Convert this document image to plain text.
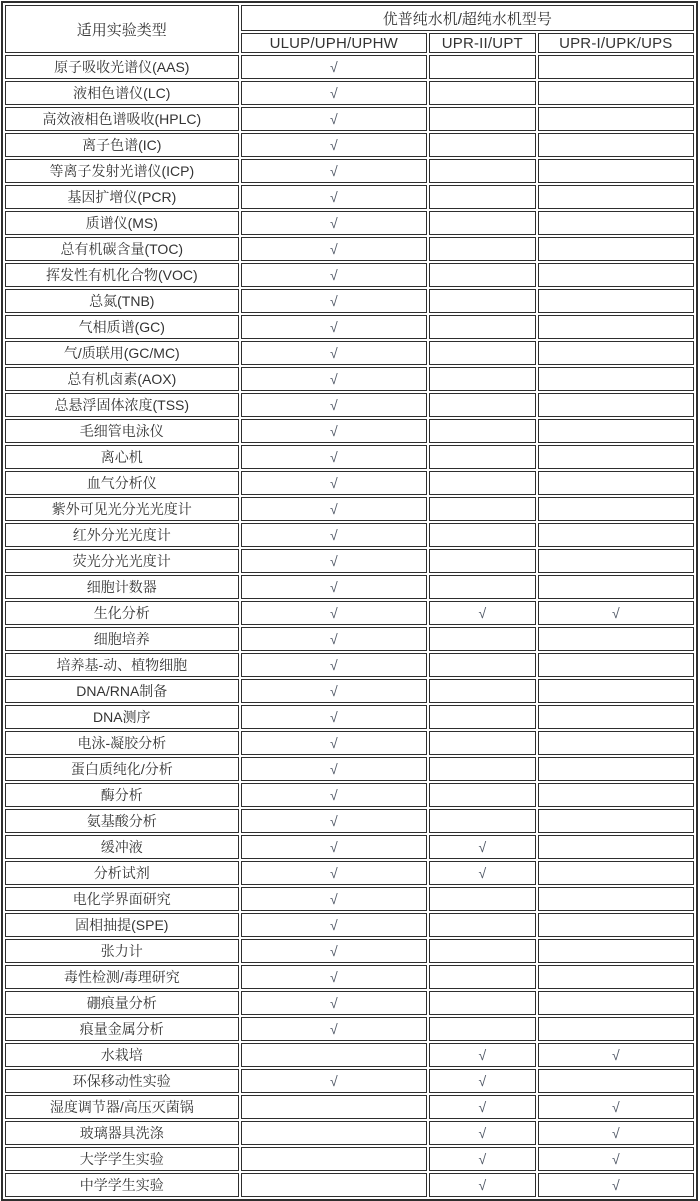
适用实验类型	优普纯水机/超纯水机型号		
	ULUP/UPH/UPHW	UPR-II/UPT	UPR-I/UPK/UPS
原子吸收光谱仪(AAS)	√		
液相色谱仪(LC)	√		
高效液相色谱吸收(HPLC)	√		
离子色谱(IC)	√		
等离子发射光谱仪(ICP)	√		
基因扩增仪(PCR)	√		
质谱仪(MS)	√		
总有机碳含量(TOC)	√		
挥发性有机化合物(VOC)	√		
总氮(TNB)	√		
气相质谱(GC)	√		
气/质联用(GC/MC)	√		
总有机卤素(AOX)	√		
总悬浮固体浓度(TSS)	√		
毛细管电泳仪	√		
离心机	√		
血气分析仪	√		
紫外可见光分光光度计	√		
红外分光光度计	√		
荧光分光光度计	√		
细胞计数器	√		
生化分析	√	√	√
细胞培养	√		
培养基-动、植物细胞	√		
DNA/RNA制备	√		
DNA测序	√		
电泳-凝胶分析	√		
蛋白质纯化/分析	√		
酶分析	√		
氨基酸分析	√		
缓冲液	√	√	
分析试剂	√	√	
电化学界面研究	√		
固相抽提(SPE)	√		
张力计	√		
毒性检测/毒理研究	√		
硼痕量分析	√		
痕量金属分析	√		
水栽培		√	√
环保移动性实验	√	√	
湿度调节器/高压灭菌锅		√	√
玻璃器具洗涤		√	√
大学学生实验		√	√
中学学生实验		√	√
